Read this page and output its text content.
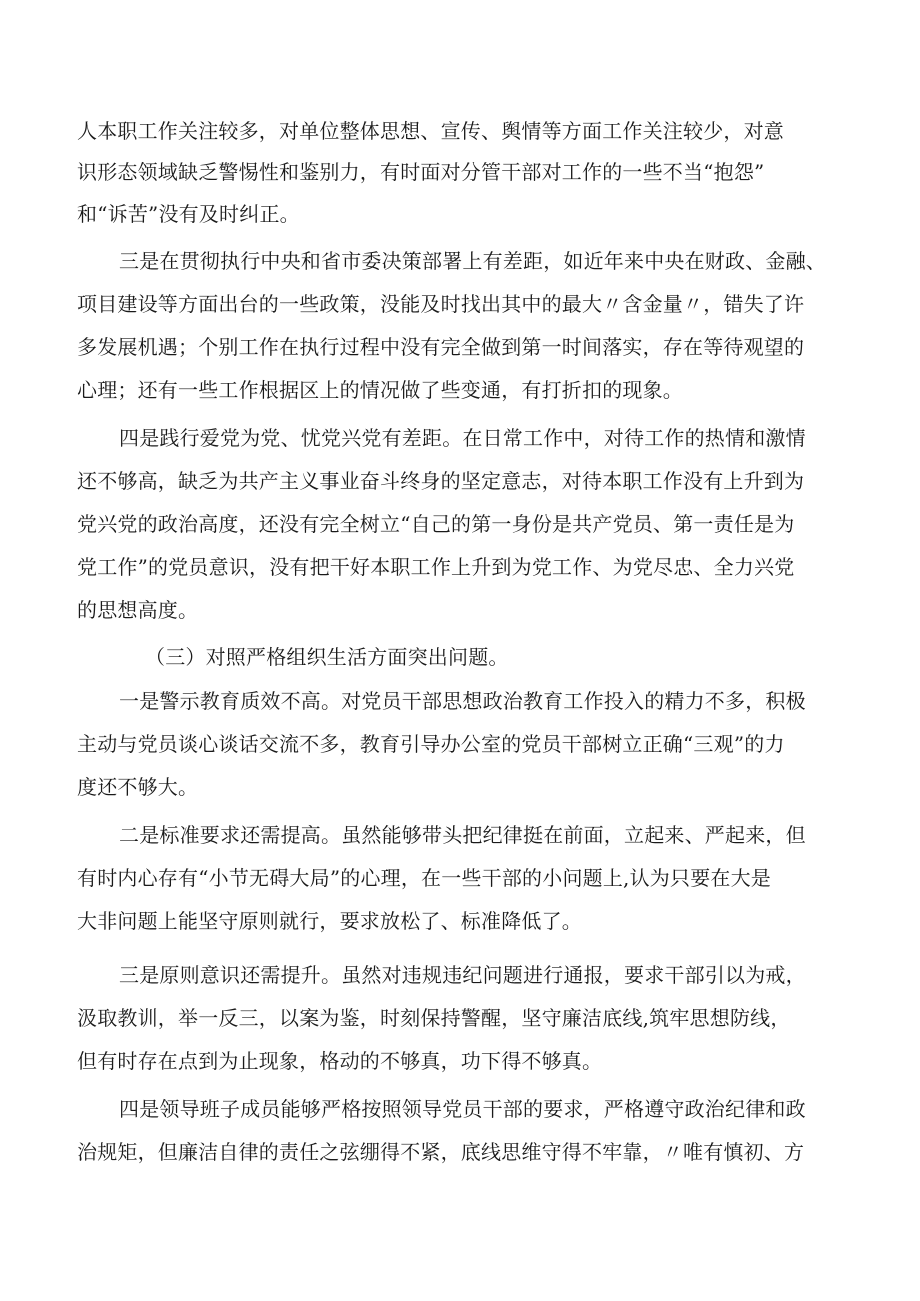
人本职工作关注较多，对单位整体思想、宣传、舆情等方面工作关注较少，对意

识形态领域缺乏警惕性和鉴别力，有时面对分管干部对工作的一些不当“抱怨”

和“诉苦”没有及时纠正。

三是在贯彻执行中央和省市委决策部署上有差距，如近年来中央在财政、金融、

项目建设等方面出台的一些政策，没能及时找出其中的最大〃含金量〃，错失了许

多发展机遇；个别工作在执行过程中没有完全做到第一时间落实，存在等待观望的

心理；还有一些工作根据区上的情况做了些变通，有打折扣的现象。

四是践行爱党为党、忧党兴党有差距。在日常工作中，对待工作的热情和激情

还不够高，缺乏为共产主义事业奋斗终身的坚定意志，对待本职工作没有上升到为

党兴党的政治高度，还没有完全树立“自己的第一身份是共产党员、第一责任是为

党工作”的党员意识，没有把干好本职工作上升到为党工作、为党尽忠、全力兴党

的思想高度。

（三）对照严格组织生活方面突出问题。

一是警示教育质效不高。对党员干部思想政治教育工作投入的精力不多，积极

主动与党员谈心谈话交流不多，教育引导办公室的党员干部树立正确“三观”的力

度还不够大。

二是标准要求还需提高。虽然能够带头把纪律挺在前面，立起来、严起来，但

有时内心存有“小节无碍大局”的心理，在一些干部的小问题上,认为只要在大是

大非问题上能坚守原则就行，要求放松了、标准降低了。

三是原则意识还需提升。虽然对违规违纪问题进行通报，要求干部引以为戒，

汲取教训，举一反三，以案为鉴，时刻保持警醒，坚守廉洁底线,筑牢思想防线，

但有时存在点到为止现象，格动的不够真，功下得不够真。

四是领导班子成员能够严格按照领导党员干部的要求，严格遵守政治纪律和政

治规矩，但廉洁自律的责任之弦绷得不紧，底线思维守得不牢靠，〃唯有慎初、方
